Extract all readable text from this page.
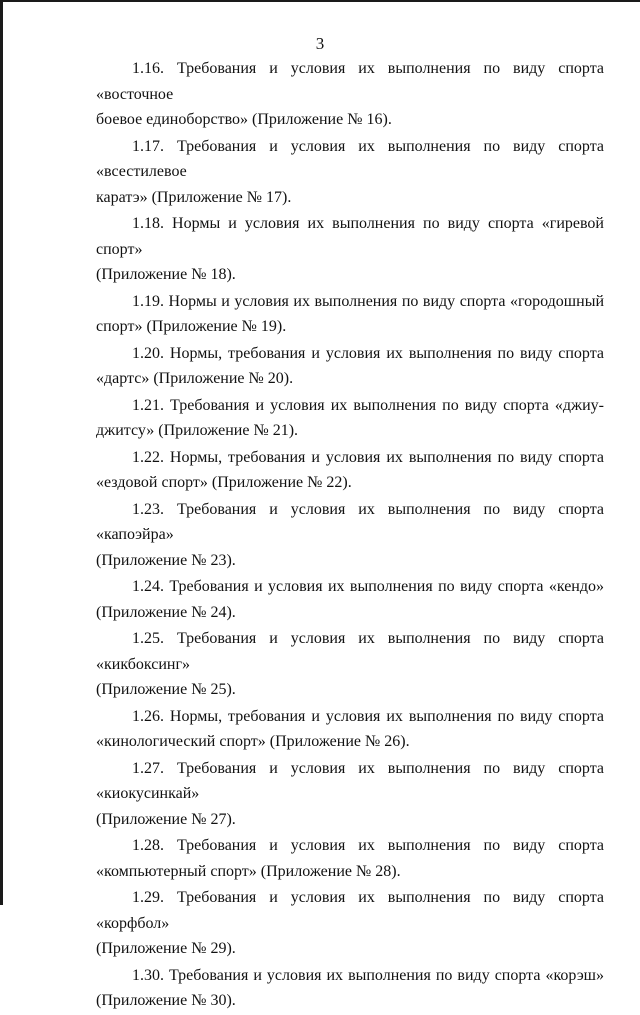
3

1.16. Требования и условия их выполнения по виду спорта «восточное
боевое единоборство» (Приложение № 16).

1.17. Требования и условия их выполнения по виду спорта «всестилевое
каратэ» (Приложение № 17).

1.18. Нормы и условия их выполнения по виду спорта «гиревой спорт»
(Приложение № 18).

1.19. Нормы и условия их выполнения по виду спорта «городошный
спорт» (Приложение № 19).

1.20. Нормы, требования и условия их выполнения по виду спорта
«дартс» (Приложение № 20).

1.21. Требования и условия их выполнения по виду спорта «джиу-
джитсу» (Приложение № 21).

1.22. Нормы, требования и условия их выполнения по виду спорта
«ездовой спорт» (Приложение № 22).

1.23. Требования и условия их выполнения по виду спорта «капоэйра»
(Приложение № 23).

1.24. Требования и условия их выполнения по виду спорта «кендо»
(Приложение № 24).

1.25. Требования и условия их выполнения по виду спорта «кикбоксинг»
(Приложение № 25).

1.26. Нормы, требования и условия их выполнения по виду спорта
«кинологический спорт» (Приложение № 26).

1.27. Требования и условия их выполнения по виду спорта «киокусинкай»
(Приложение № 27).

1.28. Требования и условия их выполнения по виду спорта
«компьютерный спорт» (Приложение № 28).

1.29. Требования и условия их выполнения по виду спорта «корфбол»
(Приложение № 29).

1.30. Требования и условия их выполнения по виду спорта «корэш»
(Приложение № 30).
